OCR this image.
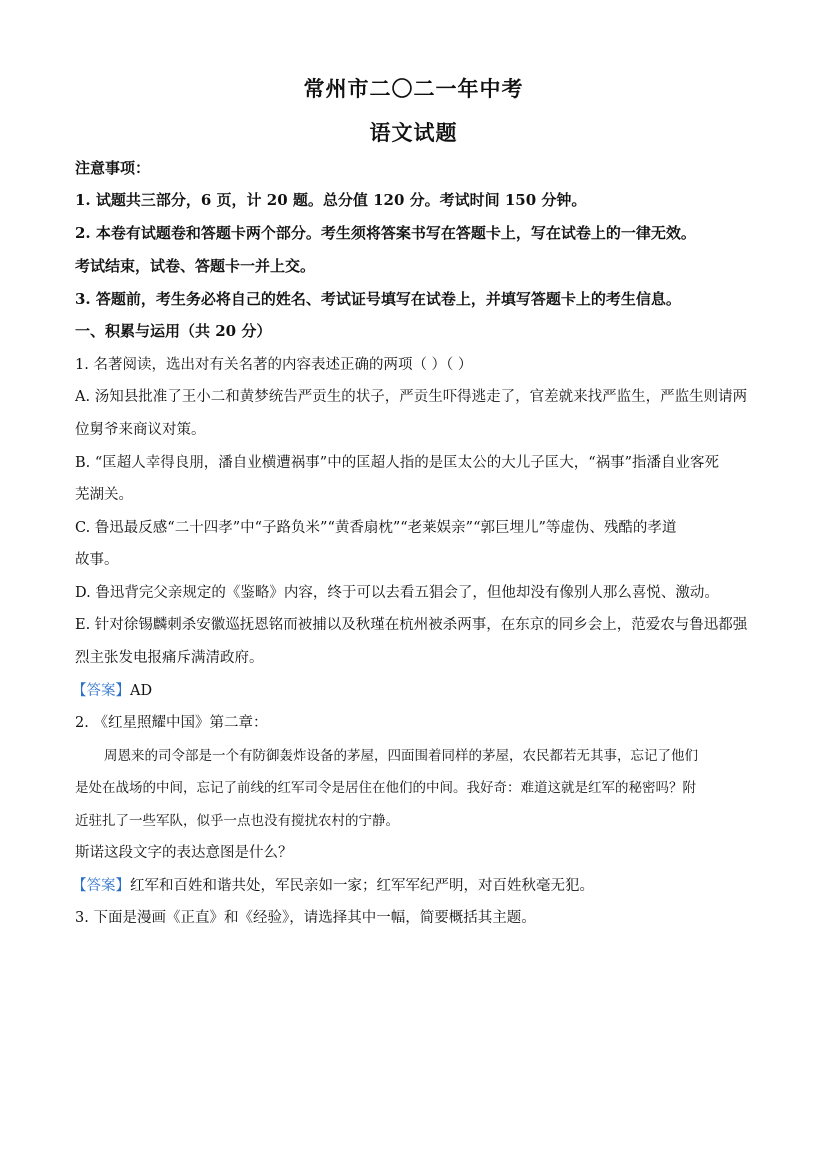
常州市二〇二一年中考
语文试题
注意事项：
1. 试题共三部分，6 页，计 20 题。总分值 120 分。考试时间 150 分钟。
2. 本卷有试题卷和答题卡两个部分。考生须将答案书写在答题卡上，写在试卷上的一律无效。
考试结束，试卷、答题卡一并上交。
3. 答题前，考生务必将自己的姓名、考试证号填写在试卷上，并填写答题卡上的考生信息。
一、积累与运用（共 20 分）
1. 名著阅读，选出对有关名著的内容表述正确的两项（ ）（ ）
A. 汤知县批准了王小二和黄梦统告严贡生的状子，严贡生吓得逃走了，官差就来找严监生，严监生则请两
位舅爷来商议对策。
B. “匡超人幸得良朋，潘自业横遭祸事”中的匡超人指的是匡太公的大儿子匡大，“祸事”指潘自业客死
芜湖关。
C. 鲁迅最反感“二十四孝”中“子路负米”“黄香扇枕”“老莱娱亲”“郭巨埋儿”等虚伪、残酷的孝道
故事。
D. 鲁迅背完父亲规定的《鉴略》内容，终于可以去看五猖会了，但他却没有像别人那么喜悦、激动。
E. 针对徐锡麟刺杀安徽巡抚恩铭而被捕以及秋瑾在杭州被杀两事，在东京的同乡会上，范爱农与鲁迅都强
烈主张发电报痛斥满清政府。
【答案】AD
2. 《红星照耀中国》第二章：
周恩来的司令部是一个有防御轰炸设备的茅屋，四面围着同样的茅屋，农民都若无其事，忘记了他们
是处在战场的中间，忘记了前线的红军司令是居住在他们的中间。我好奇：难道这就是红军的秘密吗？附
近驻扎了一些军队，似乎一点也没有搅扰农村的宁静。
斯诺这段文字的表达意图是什么？
【答案】红军和百姓和谐共处，军民亲如一家；红军军纪严明，对百姓秋毫无犯。
3. 下面是漫画《正直》和《经验》，请选择其中一幅，简要概括其主题。
